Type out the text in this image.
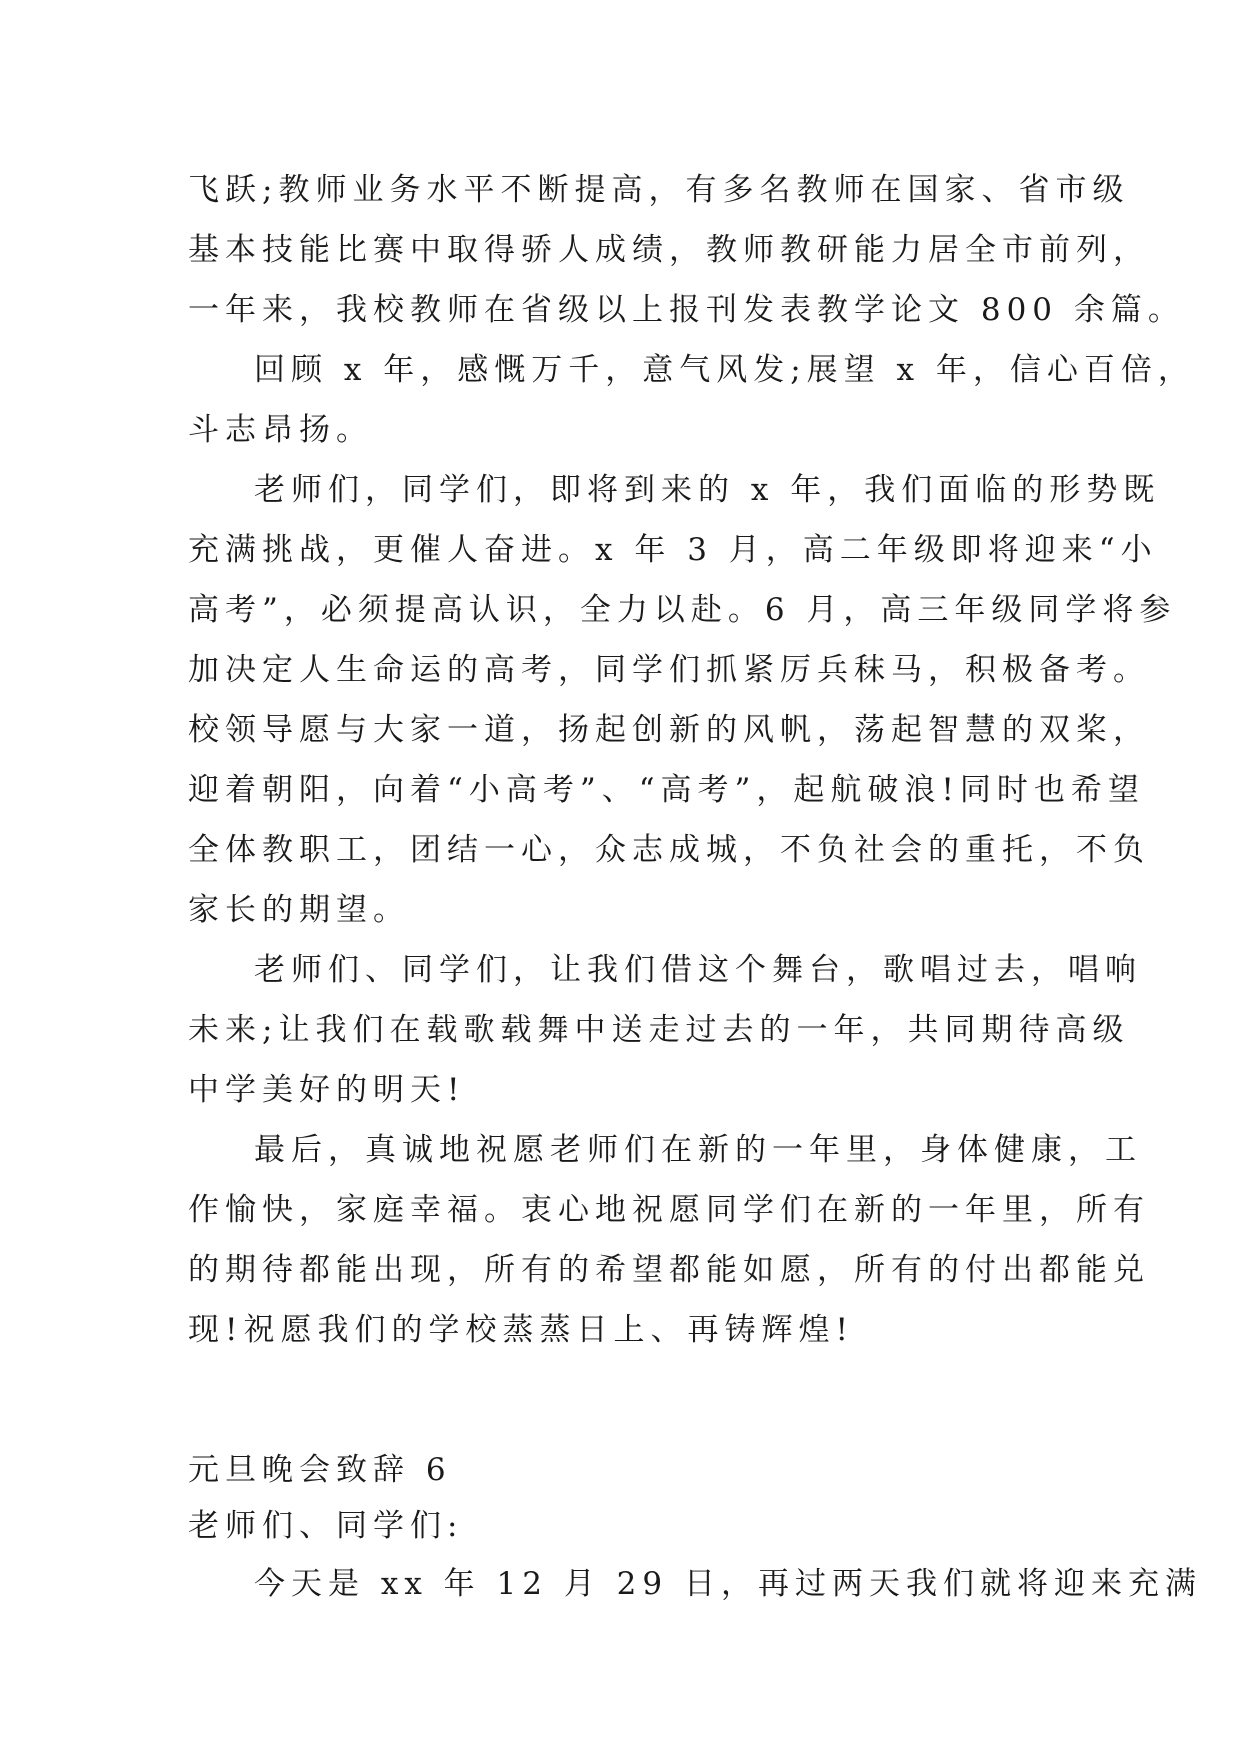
飞跃;教师业务水平不断提高，有多名教师在国家、省市级
基本技能比赛中取得骄人成绩，教师教研能力居全市前列，
一年来，我校教师在省级以上报刊发表教学论文 800 余篇。
回顾 x 年，感慨万千，意气风发;展望 x 年，信心百倍，
斗志昂扬。
老师们，同学们，即将到来的 x 年，我们面临的形势既
充满挑战，更催人奋进。x 年 3 月，高二年级即将迎来“小
高考”，必须提高认识，全力以赴。6 月，高三年级同学将参
加决定人生命运的高考，同学们抓紧厉兵秣马，积极备考。
校领导愿与大家一道，扬起创新的风帆，荡起智慧的双桨，
迎着朝阳，向着“小高考”、“高考”，起航破浪!同时也希望
全体教职工，团结一心，众志成城，不负社会的重托，不负
家长的期望。
老师们、同学们，让我们借这个舞台，歌唱过去，唱响
未来;让我们在载歌载舞中送走过去的一年，共同期待高级
中学美好的明天!
最后，真诚地祝愿老师们在新的一年里，身体健康，工
作愉快，家庭幸福。衷心地祝愿同学们在新的一年里，所有
的期待都能出现，所有的希望都能如愿，所有的付出都能兑
现!祝愿我们的学校蒸蒸日上、再铸辉煌!
元旦晚会致辞 6
老师们、同学们:
今天是 xx 年 12 月 29 日，再过两天我们就将迎来充满
